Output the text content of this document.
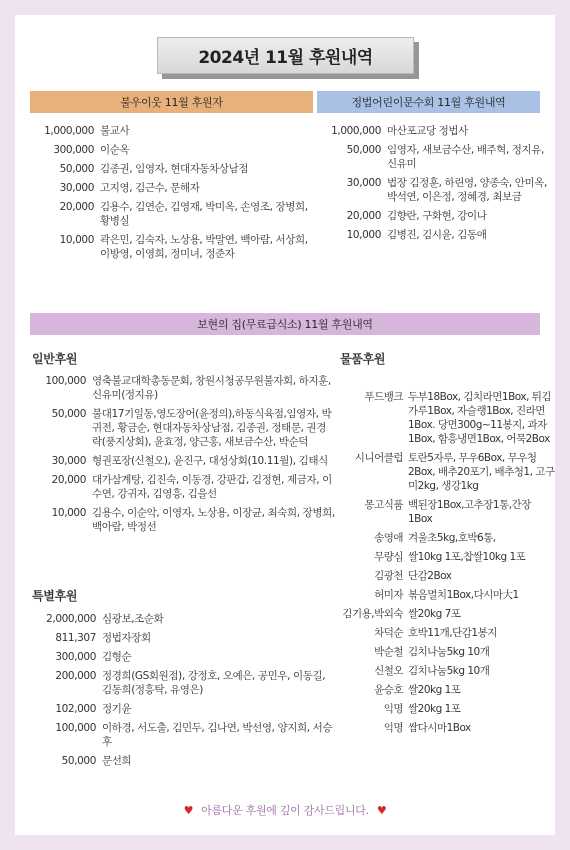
2024년 11월 후원내역
불우이웃 11월 후원자	정법어린이문수회 11월 후원내역
1,000,000 불교사
300,000 이순옥
50,000 김종권, 임영자, 현대자동차상남점
30,000 고지영, 김근수, 문해자
20,000 김용수, 김연순, 김영재, 박미옥, 손영조, 장병희, 황병실
10,000 곽은민, 김숙자, 노상용, 박말연, 백아람, 서상희, 이방영, 이영희, 정미녀, 정준자
1,000,000 마산포교당 정법사
50,000 임영자, 새보금수산, 배주혁, 정지유, 신유미
30,000 법장 김정훈, 하린영, 양종숙, 안미옥, 박석연, 이은정, 정혜경, 최보금
20,000 김향란, 구화현, 강이나
10,000 김병진, 김시윤, 김동애
보현의 집(무료급식소) 11월 후원내역
일반후원
100,000 영축불교대학총동문회, 창원시청공무원불자회, 하지훈, 신유미(정지유)
50,000 불대17기일동,영도장어(윤정의),하동식육점,임영자, 박귀전, 황금순, 현대자동차상남점, 김종권, 정태문, 권경락(풍지상회), 윤효정, 양근홍, 새보금수산, 박순덕
30,000 형권포장(신철오), 윤진구, 대성상회(10.11월), 김태식
20,000 대가삼계탕, 김진숙, 이동경, 강판갑, 김정현, 제금자, 이수연, 강귀자, 김영흥, 김을선
10,000 김용수, 이순악, 이영자, 노상용, 이장균, 최숙희, 장병희, 백아람, 박정선
특별후원
2,000,000 심광보,조순화
811,307 정법자장회
300,000 김형순
200,000 정경희(GS회원점), 강정호, 오예은, 공민우, 이동길, 김동희(정흥탁, 유영은)
102,000 정기윤
100,000 이하경, 서도출, 김민두, 김나연, 박선영, 양지희, 서승후
50,000 문선희
물품후원
푸드뱅크 두부18Box, 김치라면1Box, 튀김가루1Box, 자슬랭1Box, 진라면1Box. 당면300g~11봉지, 과자1Box, 함흥냉면1Box, 어묵2Box
시니어클럽 토란5자루, 무우6Box, 무우청2Box, 배추20포기, 배추청1, 고구미2kg, 생강1kg
몽고식품 백된장1Box,고추장1통,간장1Box
송영애 겨울초5kg,호박6통,
무량심 쌀10kg 1포,찹쌀10kg 1포
김광천 단감2Box
허미자 볶음멸치1Box,다시마大1
김기용,박외숙 쌀20kg 7포
차덕순 호박11개,단감1봉지
박순철 김치나눔5kg 10개
신철오 김치나눔5kg 10개
윤승호 쌀20kg 1포
익명 쌀20kg 1포
익명 쌈다시마1Box
♥ 아름다운 후원에 깊이 감사드립니다. ♥
